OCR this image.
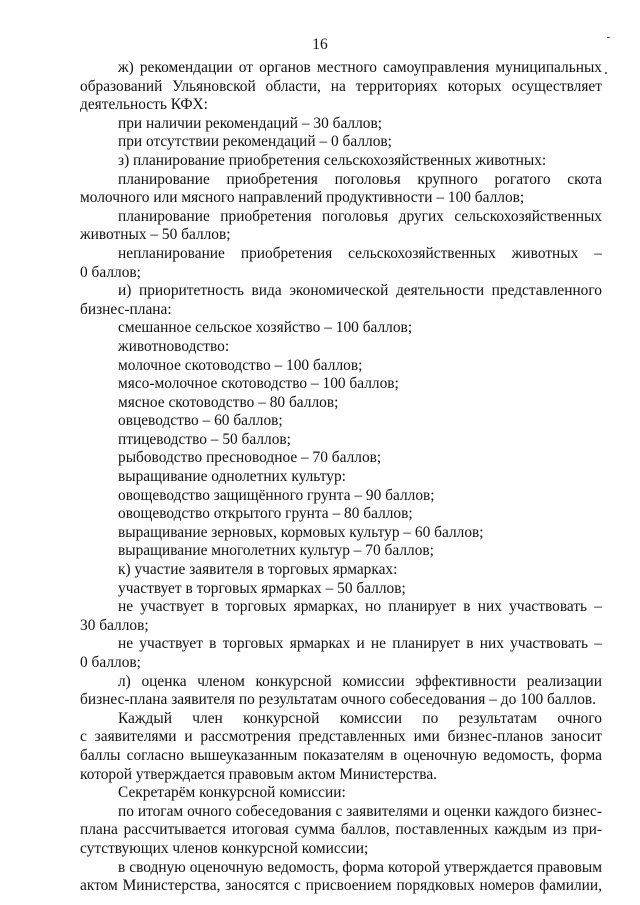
16
ж) рекомендации от органов местного самоуправления муниципальных
образований Ульяновской области, на территориях которых осуществляет
деятельность КФХ:
при наличии рекомендаций – 30 баллов;
при отсутствии рекомендаций – 0 баллов;
з) планирование приобретения сельскохозяйственных животных:
планирование приобретения поголовья крупного рогатого скота
молочного или мясного направлений продуктивности – 100 баллов;
планирование приобретения поголовья других сельскохозяйственных
животных – 50 баллов;
непланирование приобретения сельскохозяйственных животных –
0 баллов;
и) приоритетность вида экономической деятельности представленного
бизнес-плана:
смешанное сельское хозяйство – 100 баллов;
животноводство:
молочное скотоводство – 100 баллов;
мясо-молочное скотоводство – 100 баллов;
мясное скотоводство – 80 баллов;
овцеводство – 60 баллов;
птицеводство – 50 баллов;
рыбоводство пресноводное – 70 баллов;
выращивание однолетних культур:
овощеводство защищённого грунта – 90 баллов;
овощеводство открытого грунта – 80 баллов;
выращивание зерновых, кормовых культур – 60 баллов;
выращивание многолетних культур – 70 баллов;
к) участие заявителя в торговых ярмарках:
участвует в торговых ярмарках – 50 баллов;
не участвует в торговых ярмарках, но планирует в них участвовать –
30 баллов;
не участвует в торговых ярмарках и не планирует в них участвовать –
0 баллов;
л) оценка членом конкурсной комиссии эффективности реализации
бизнес-плана заявителя по результатам очного собеседования – до 100 баллов.
Каждый член конкурсной комиссии по результатам очного
с заявителями и рассмотрения представленных ими бизнес-планов заносит
баллы согласно вышеуказанным показателям в оценочную ведомость, форма
которой утверждается правовым актом Министерства.
Секретарём конкурсной комиссии:
по итогам очного собеседования с заявителями и оценки каждого бизнес-
плана рассчитывается итоговая сумма баллов, поставленных каждым из при-
сутствующих членов конкурсной комиссии;
в сводную оценочную ведомость, форма которой утверждается правовым
актом Министерства, заносятся с присвоением порядковых номеров фамилии,
